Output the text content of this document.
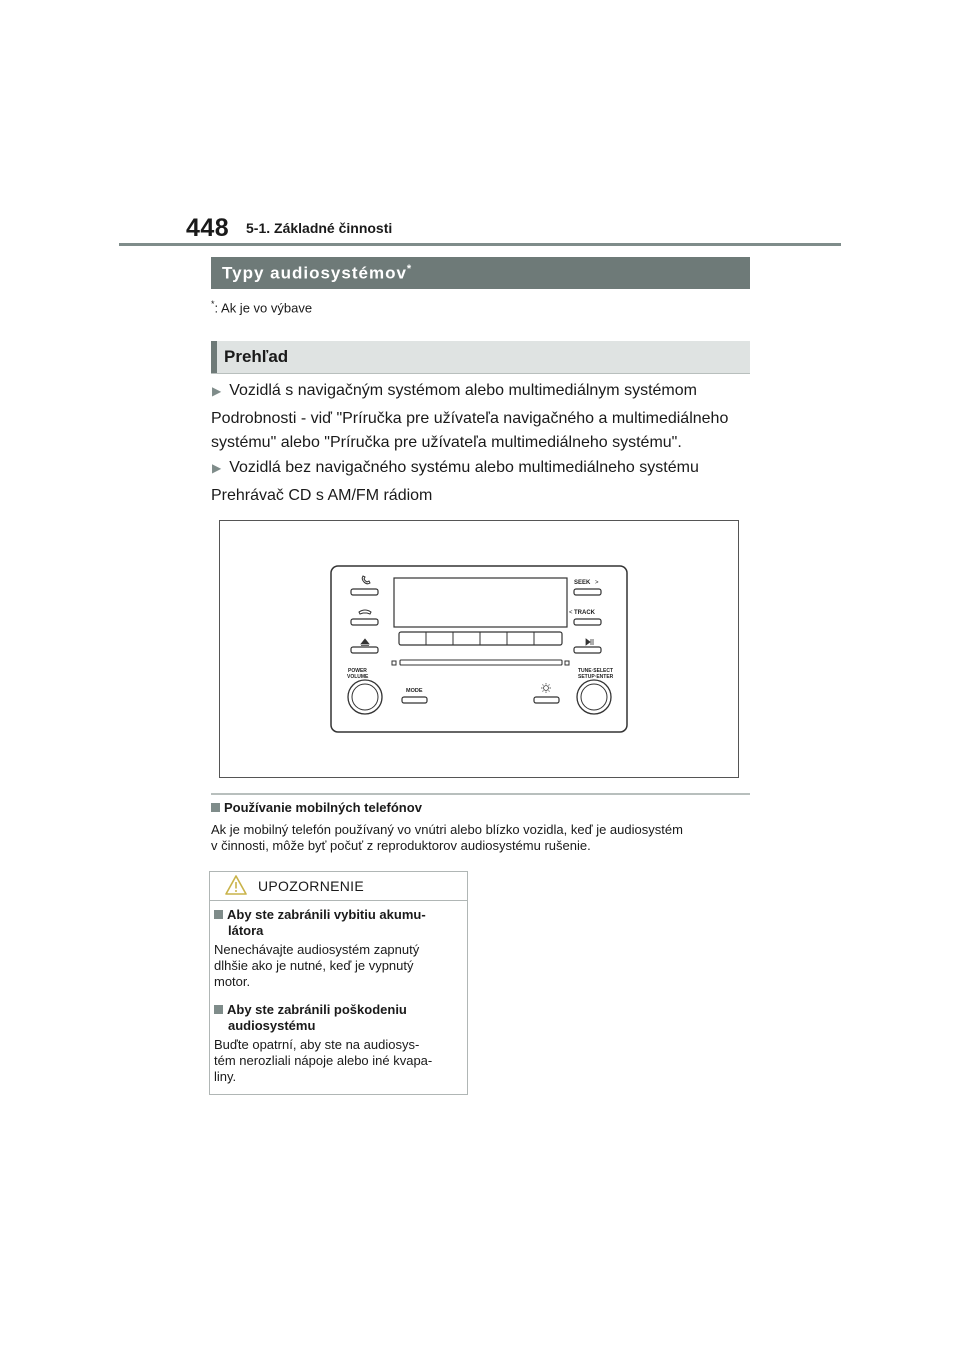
448 5-1. Základné činnosti
Typy audiosystémov*
*: Ak je vo výbave
Prehľad
▶ Vozidlá s navigačným systémom alebo multimediálnym systémom
Podrobnosti - viď "Príručka pre užívateľa navigačného a multimediálneho
systému" alebo "Príručka pre užívateľa multimediálneho systému".
▶ Vozidlá bez navigačného systému alebo multimediálneho systému
Prehrávač CD s AM/FM rádiom
SEEK >
< TRACK
POWER
VOLUME
TUNE·SELECT
SETUP·ENTER
MODE
Používanie mobilných telefónov
Ak je mobilný telefón používaný vo vnútri alebo blízko vozidla, keď je audiosystém
v činnosti, môže byť počuť z reproduktorov audiosystému rušenie.
UPOZORNENIE
Aby ste zabránili vybitiu akumu-
látora
Nenechávajte audiosystém zapnutý
dlhšie ako je nutné, keď je vypnutý
motor.
Aby ste zabránili poškodeniu
audiosystému
Buďte opatrní, aby ste na audiosys-
tém nerozliali nápoje alebo iné kvapa-
liny.
